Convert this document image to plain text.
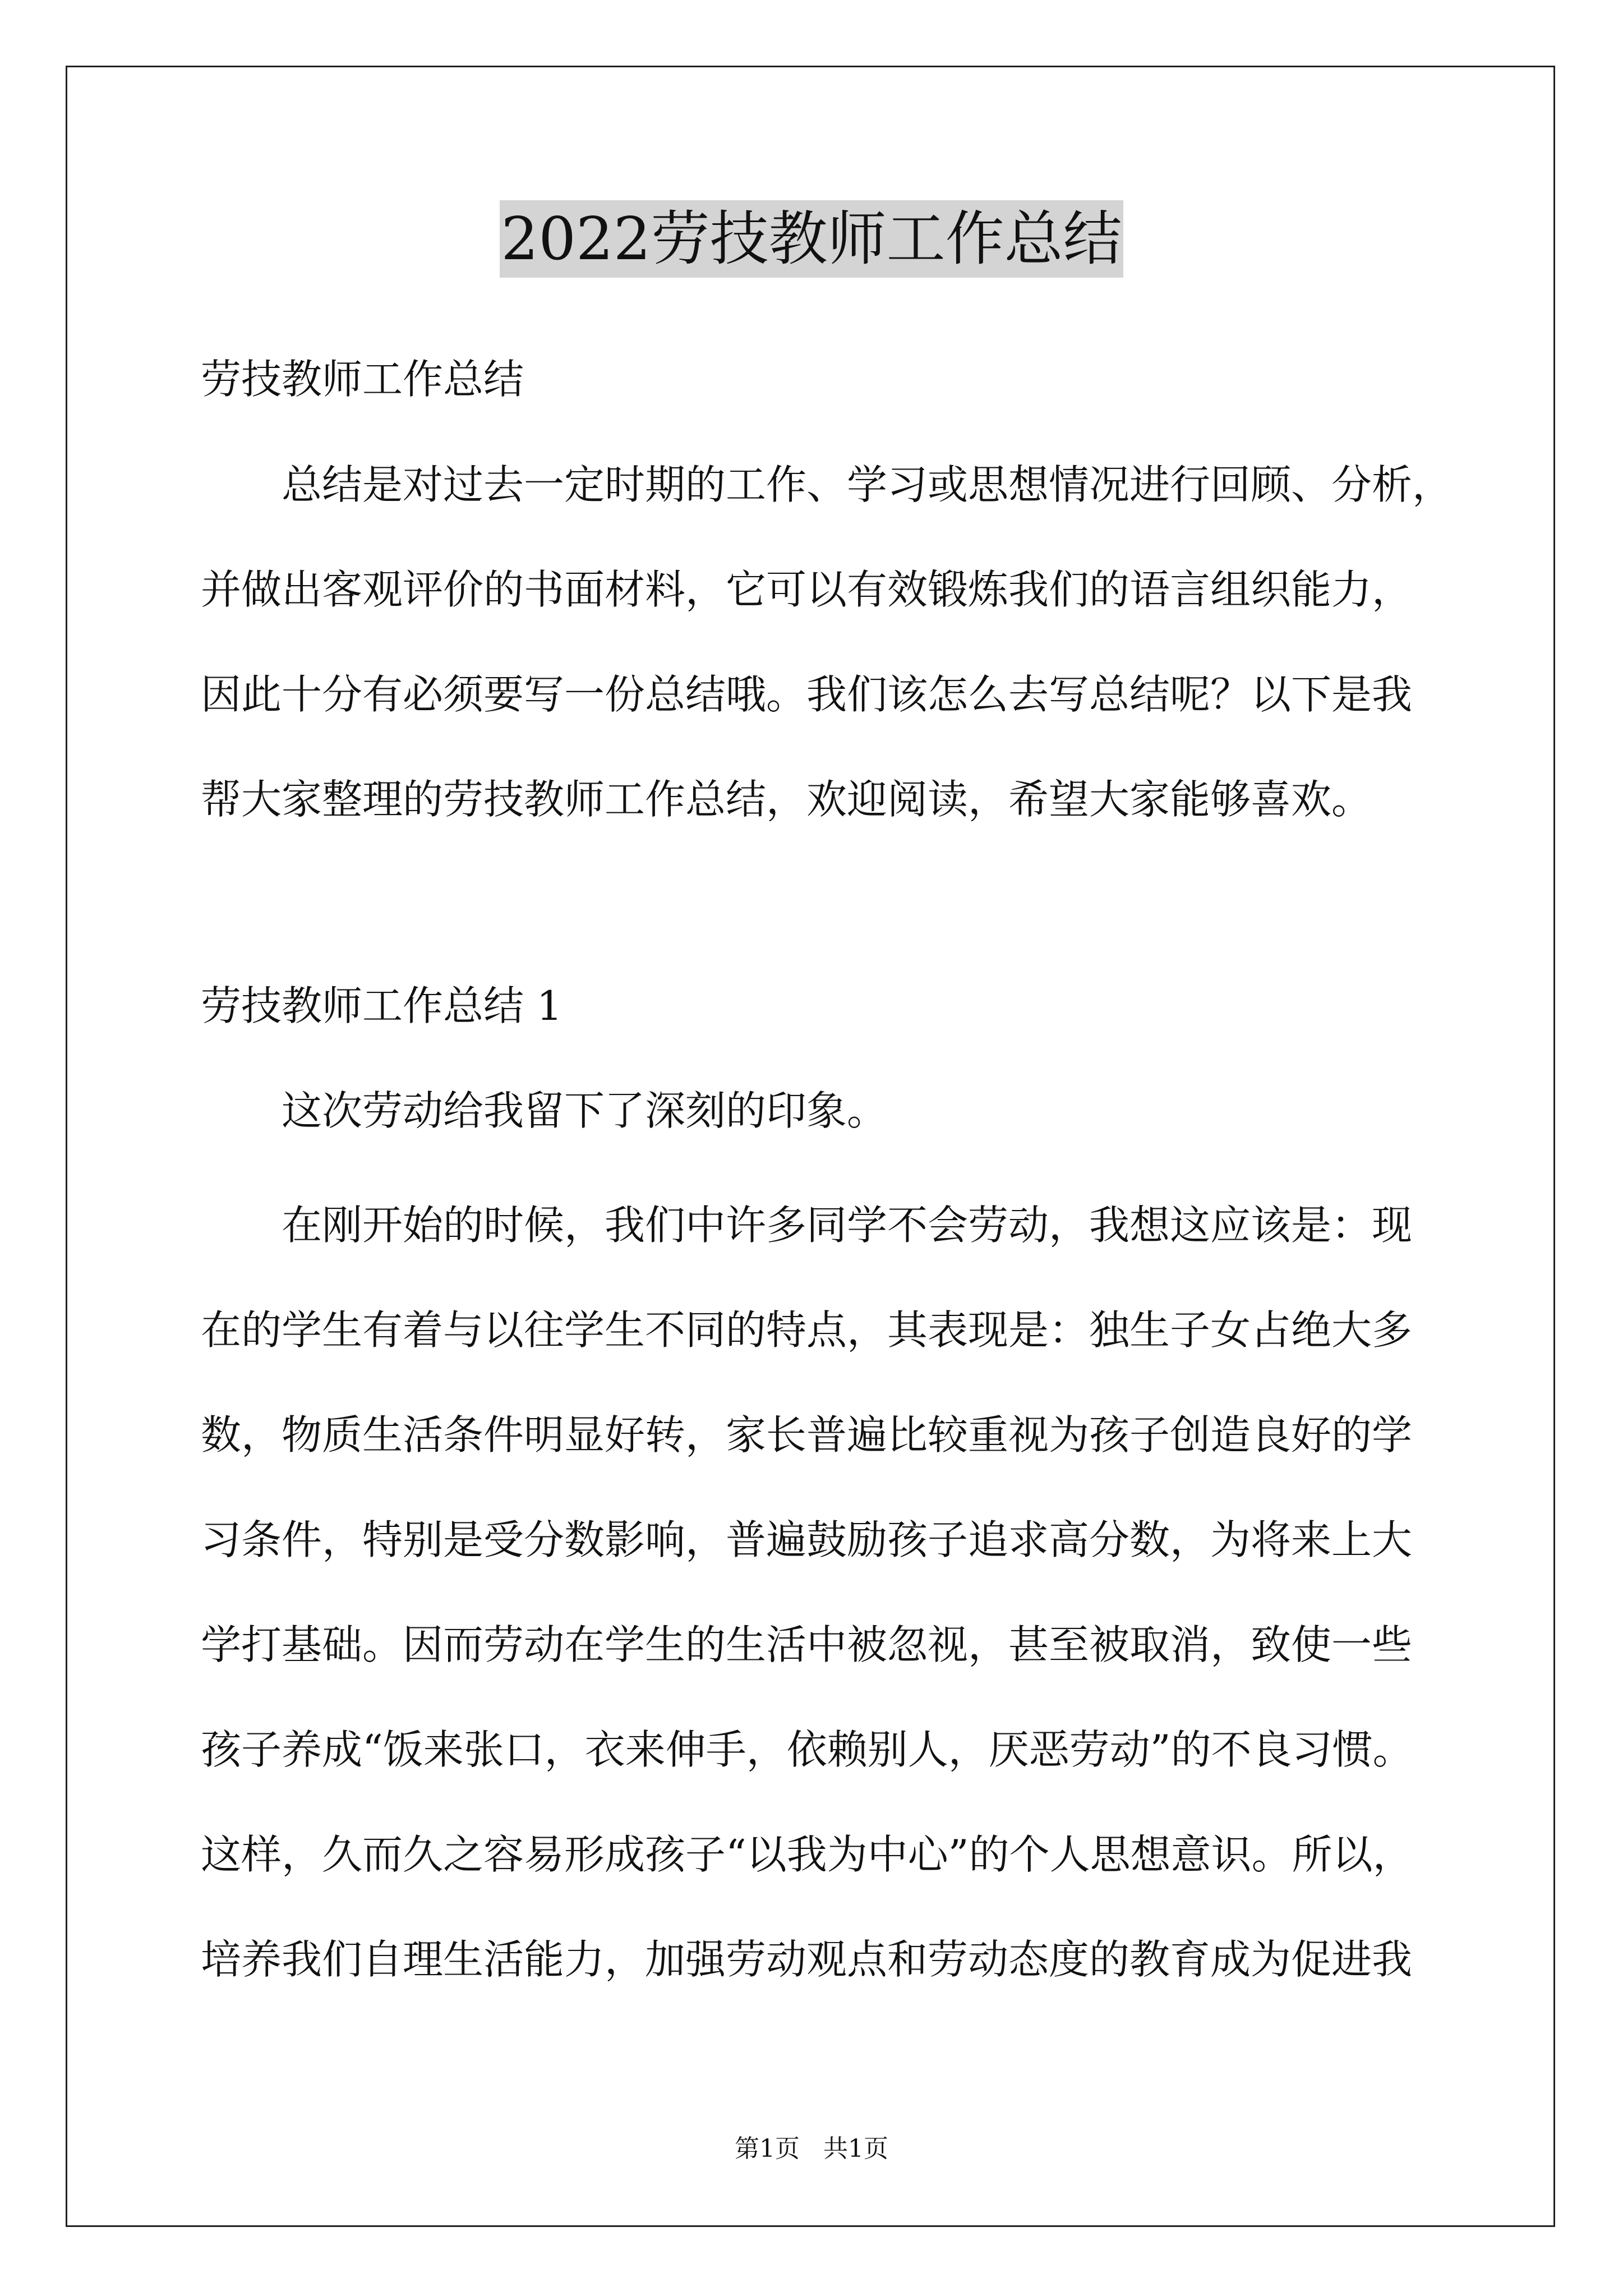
2022劳技教师工作总结
劳技教师工作总结
总结是对过去一定时期的工作、学习或思想情况进行回顾、分析，
并做出客观评价的书面材料，它可以有效锻炼我们的语言组织能力，
因此十分有必须要写一份总结哦。我们该怎么去写总结呢？以下是我
帮大家整理的劳技教师工作总结，欢迎阅读，希望大家能够喜欢。
劳技教师工作总结 1
这次劳动给我留下了深刻的印象。
在刚开始的时候，我们中许多同学不会劳动，我想这应该是：现
在的学生有着与以往学生不同的特点，其表现是：独生子女占绝大多
数，物质生活条件明显好转，家长普遍比较重视为孩子创造良好的学
习条件，特别是受分数影响，普遍鼓励孩子追求高分数，为将来上大
学打基础。因而劳动在学生的生活中被忽视，甚至被取消，致使一些
孩子养成“饭来张口，衣来伸手，依赖别人，厌恶劳动”的不良习惯。
这样，久而久之容易形成孩子“以我为中心”的个人思想意识。所以，
培养我们自理生活能力，加强劳动观点和劳动态度的教育成为促进我
第1页   共1页
